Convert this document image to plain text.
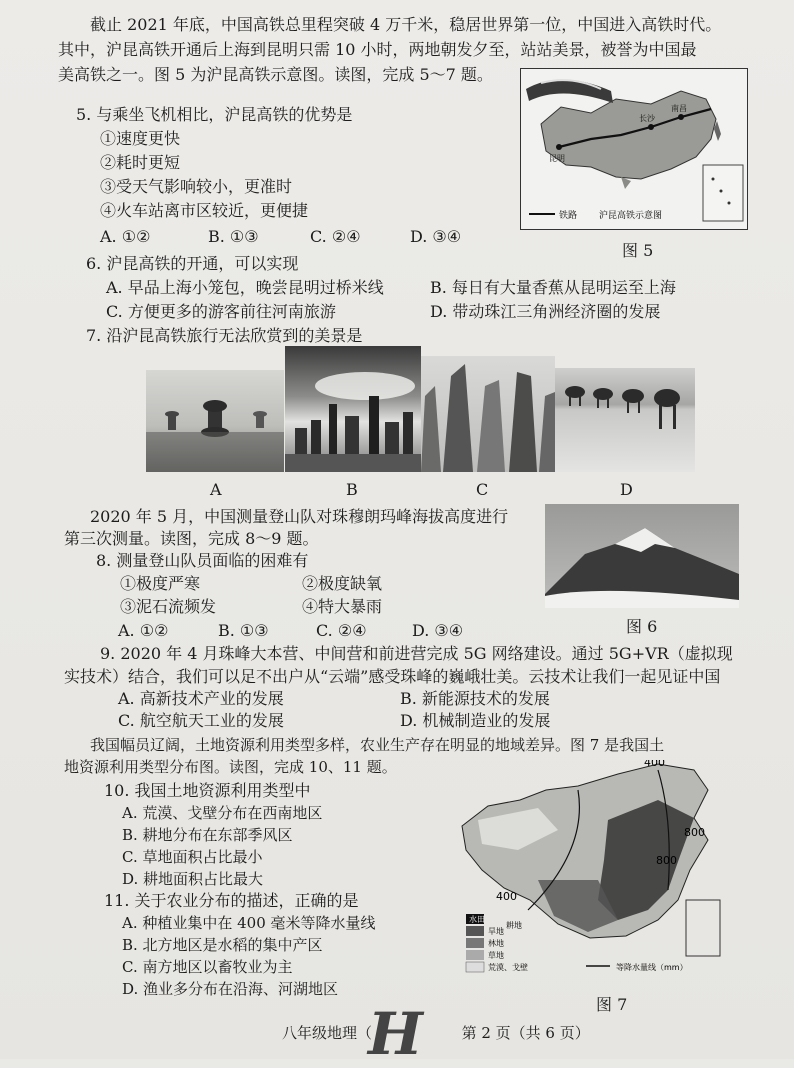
截止 2021 年底，中国高铁总里程突破 4 万千米，稳居世界第一位，中国进入高铁时代。
其中，沪昆高铁开通后上海到昆明只需 10 小时，两地朝发夕至，站站美景，被誉为中国最
美高铁之一。图 5 为沪昆高铁示意图。读图，完成 5～7 题。
5. 与乘坐飞机相比，沪昆高铁的优势是
①速度更快
②耗时更短
③受天气影响较小，更准时
④火车站离市区较近，更便捷
A. ①②	B. ①③	C. ②④	D. ③④
铁路 沪昆高铁示意图
昆明
长沙
南昌
图 5
6. 沪昆高铁的开通，可以实现
A. 早品上海小笼包，晚尝昆明过桥米线	B. 每日有大量香蕉从昆明运至上海
C. 方便更多的游客前往河南旅游	D. 带动珠江三角洲经济圈的发展
7. 沿沪昆高铁旅行无法欣赏到的美景是
A	B	C	D
2020 年 5 月，中国测量登山队对珠穆朗玛峰海拔高度进行
第三次测量。读图，完成 8～9 题。
图 6
8. 测量登山队员面临的困难有
①极度严寒	②极度缺氧
③泥石流频发	④特大暴雨
A. ①②	B. ①③	C. ②④	D. ③④
9. 2020 年 4 月珠峰大本营、中间营和前进营完成 5G 网络建设。通过 5G+VR（虚拟现
实技术）结合，我们可以足不出户从“云端”感受珠峰的巍峨壮美。云技术让我们一起见证中国
A. 高新技术产业的发展	B. 新能源技术的发展
C. 航空航天工业的发展	D. 机械制造业的发展
我国幅员辽阔，土地资源利用类型多样，农业生产存在明显的地域差异。图 7 是我国土
地资源利用类型分布图。读图，完成 10、11 题。
10. 我国土地资源利用类型中
A. 荒漠、戈壁分布在西南地区
B. 耕地分布在东部季风区
C. 草地面积占比最小
D. 耕地面积占比最大
11. 关于农业分布的描述，正确的是
A. 种植业集中在 400 毫米等降水量线
B. 北方地区是水稻的集中产区
C. 南方地区以畜牧业为主
D. 渔业多分布在沿海、河湖地区
400
800
800
400
水田
旱地
耕地
林地
草地
荒漠、戈壁	等降水量线（mm）
图 7
八年级地理（	第 2 页（共 6 页）
H
